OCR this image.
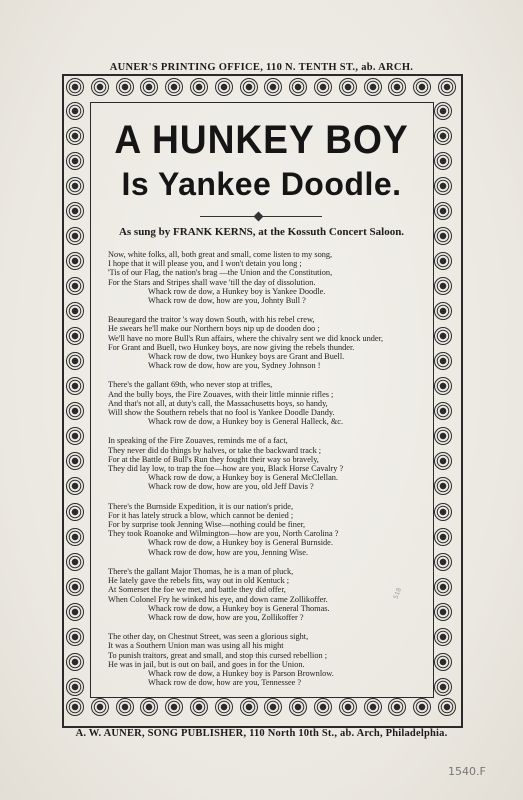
AUNER'S PRINTING OFFICE, 110 N. TENTH ST., ab. ARCH.
A HUNKEY BOY
Is Yankee Doodle.
As sung by FRANK KERNS, at the Kossuth Concert Saloon.
Now, white folks, all, both great and small, come listen to my song,
I hope that it will please you, and I won't detain you long ;
'Tis of our Flag, the nation's brag —the Union and the Constitution,
For the Stars and Stripes shall wave 'till the day of dissolution.
Whack row de dow, a Hunkey boy is Yankee Doodle.
Whack row de dow, how are you, Johnty Bull ?
Beauregard the traitor 's way down South, with his rebel crew,
He swears he'll make our Northern boys nip up de dooden doo ;
We'll have no more Bull's Run affairs, where the chivalry sent we did knock under,
For Grant and Buell, two Hunkey boys, are now giving the rebels thunder.
Whack row de dow, two Hunkey boys are Grant and Buell.
Whack row de dow, how are you, Sydney Johnson !
There's the gallant 69th, who never stop at trifles,
And the bully boys, the Fire Zouaves, with their little minnie rifles ;
And that's not all, at duty's call, the Massachusetts boys, so handy,
Will show the Southern rebels that no fool is Yankee Doodle Dandy.
Whack row de dow, a Hunkey boy is General Halleck, &c.
In speaking of the Fire Zouaves, reminds me of a fact,
They never did do things by halves, or take the backward track ;
For at the Battle of Bull's Run they fought their way so bravely,
They did lay low, to trap the foe—how are you, Black Horse Cavalry ?
Whack row de dow, a Hunkey boy is General McClellan.
Whack row de dow, how are you, old Jeff Davis ?
There's the Burnside Expedition, it is our nation's pride,
For it has lately struck a blow, which cannot be denied ;
For by surprise took Jenning Wise—nothing could be finer,
They took Roanoke and Wilmington—how are you, North Carolina ?
Whack row de dow, a Hunkey boy is General Burnside.
Whack row de dow, how are you, Jenning Wise.
There's the gallant Major Thomas, he is a man of pluck,
He lately gave the rebels fits, way out in old Kentuck ;
At Somerset the foe we met, and battle they did offer,
When Colonel Fry he winked his eye, and down came Zollikoffer.
Whack row de dow, a Hunkey boy is General Thomas.
Whack row de dow, how are you, Zollikoffer ?
The other day, on Chestnut Street, was seen a glorious sight,
It was a Southern Union man was using all his might
To punish traitors, great and small, and stop this cursed rebellion ;
He was in jail, but is out on bail, and goes in for the Union.
Whack row de dow, a Hunkey boy is Parson Brownlow.
Whack row de dow, how are you, Tennessee ?
518
A. W. AUNER, SONG PUBLISHER, 110 North 10th St., ab. Arch, Philadelphia.
1540.F
